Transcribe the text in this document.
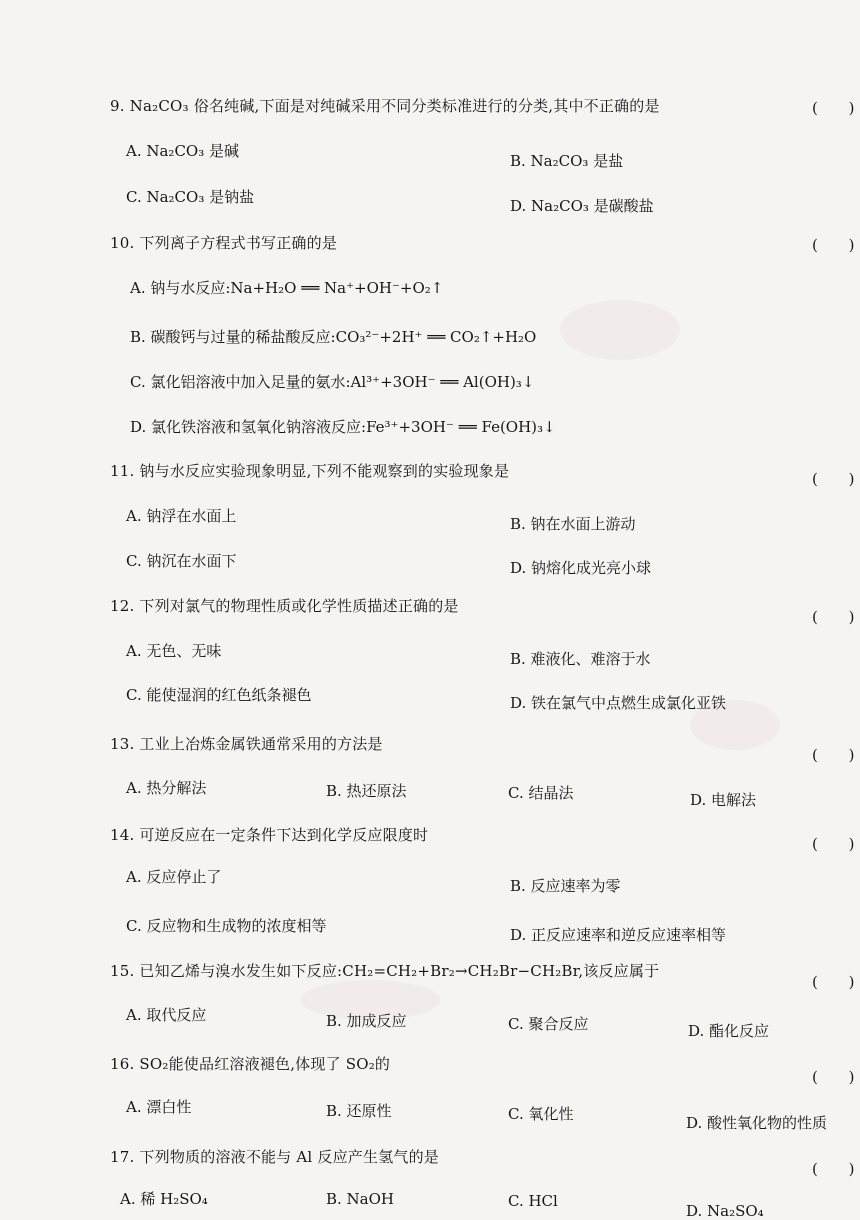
9. Na₂CO₃ 俗名纯碱,下面是对纯碱采用不同分类标准进行的分类,其中不正确的是	( )
A. Na₂CO₃ 是碱
B. Na₂CO₃ 是盐
C. Na₂CO₃ 是钠盐	D. Na₂CO₃ 是碳酸盐
10. 下列离子方程式书写正确的是	( )
A. 钠与水反应:Na+H₂O ══ Na⁺+OH⁻+O₂↑
B. 碳酸钙与过量的稀盐酸反应:CO₃²⁻+2H⁺ ══ CO₂↑+H₂O
C. 氯化铝溶液中加入足量的氨水:Al³⁺+3OH⁻ ══ Al(OH)₃↓
D. 氯化铁溶液和氢氧化钠溶液反应:Fe³⁺+3OH⁻ ══ Fe(OH)₃↓
11. 钠与水反应实验现象明显,下列不能观察到的实验现象是	( )
A. 钠浮在水面上	B. 钠在水面上游动
C. 钠沉在水面下	D. 钠熔化成光亮小球
12. 下列对氯气的物理性质或化学性质描述正确的是
( )
A. 无色、无味	B. 难液化、难溶于水
C. 能使湿润的红色纸条褪色	D. 铁在氯气中点燃生成氯化亚铁
13. 工业上冶炼金属铁通常采用的方法是
( )
A. 热分解法	B. 热还原法	C. 结晶法	D. 电解法
14. 可逆反应在一定条件下达到化学反应限度时	( )
A. 反应停止了	B. 反应速率为零
C. 反应物和生成物的浓度相等	D. 正反应速率和逆反应速率相等
15. 已知乙烯与溴水发生如下反应:CH₂=CH₂+Br₂→CH₂Br−CH₂Br,该反应属于
( )
A. 取代反应	B. 加成反应	C. 聚合反应	D. 酯化反应
16. SO₂能使品红溶液褪色,体现了 SO₂的
( )
A. 漂白性	B. 还原性	C. 氧化性	D. 酸性氧化物的性质
17. 下列物质的溶液不能与 Al 反应产生氢气的是
( )
A. 稀 H₂SO₄	B. NaOH	C. HCl
D. Na₂SO₄
